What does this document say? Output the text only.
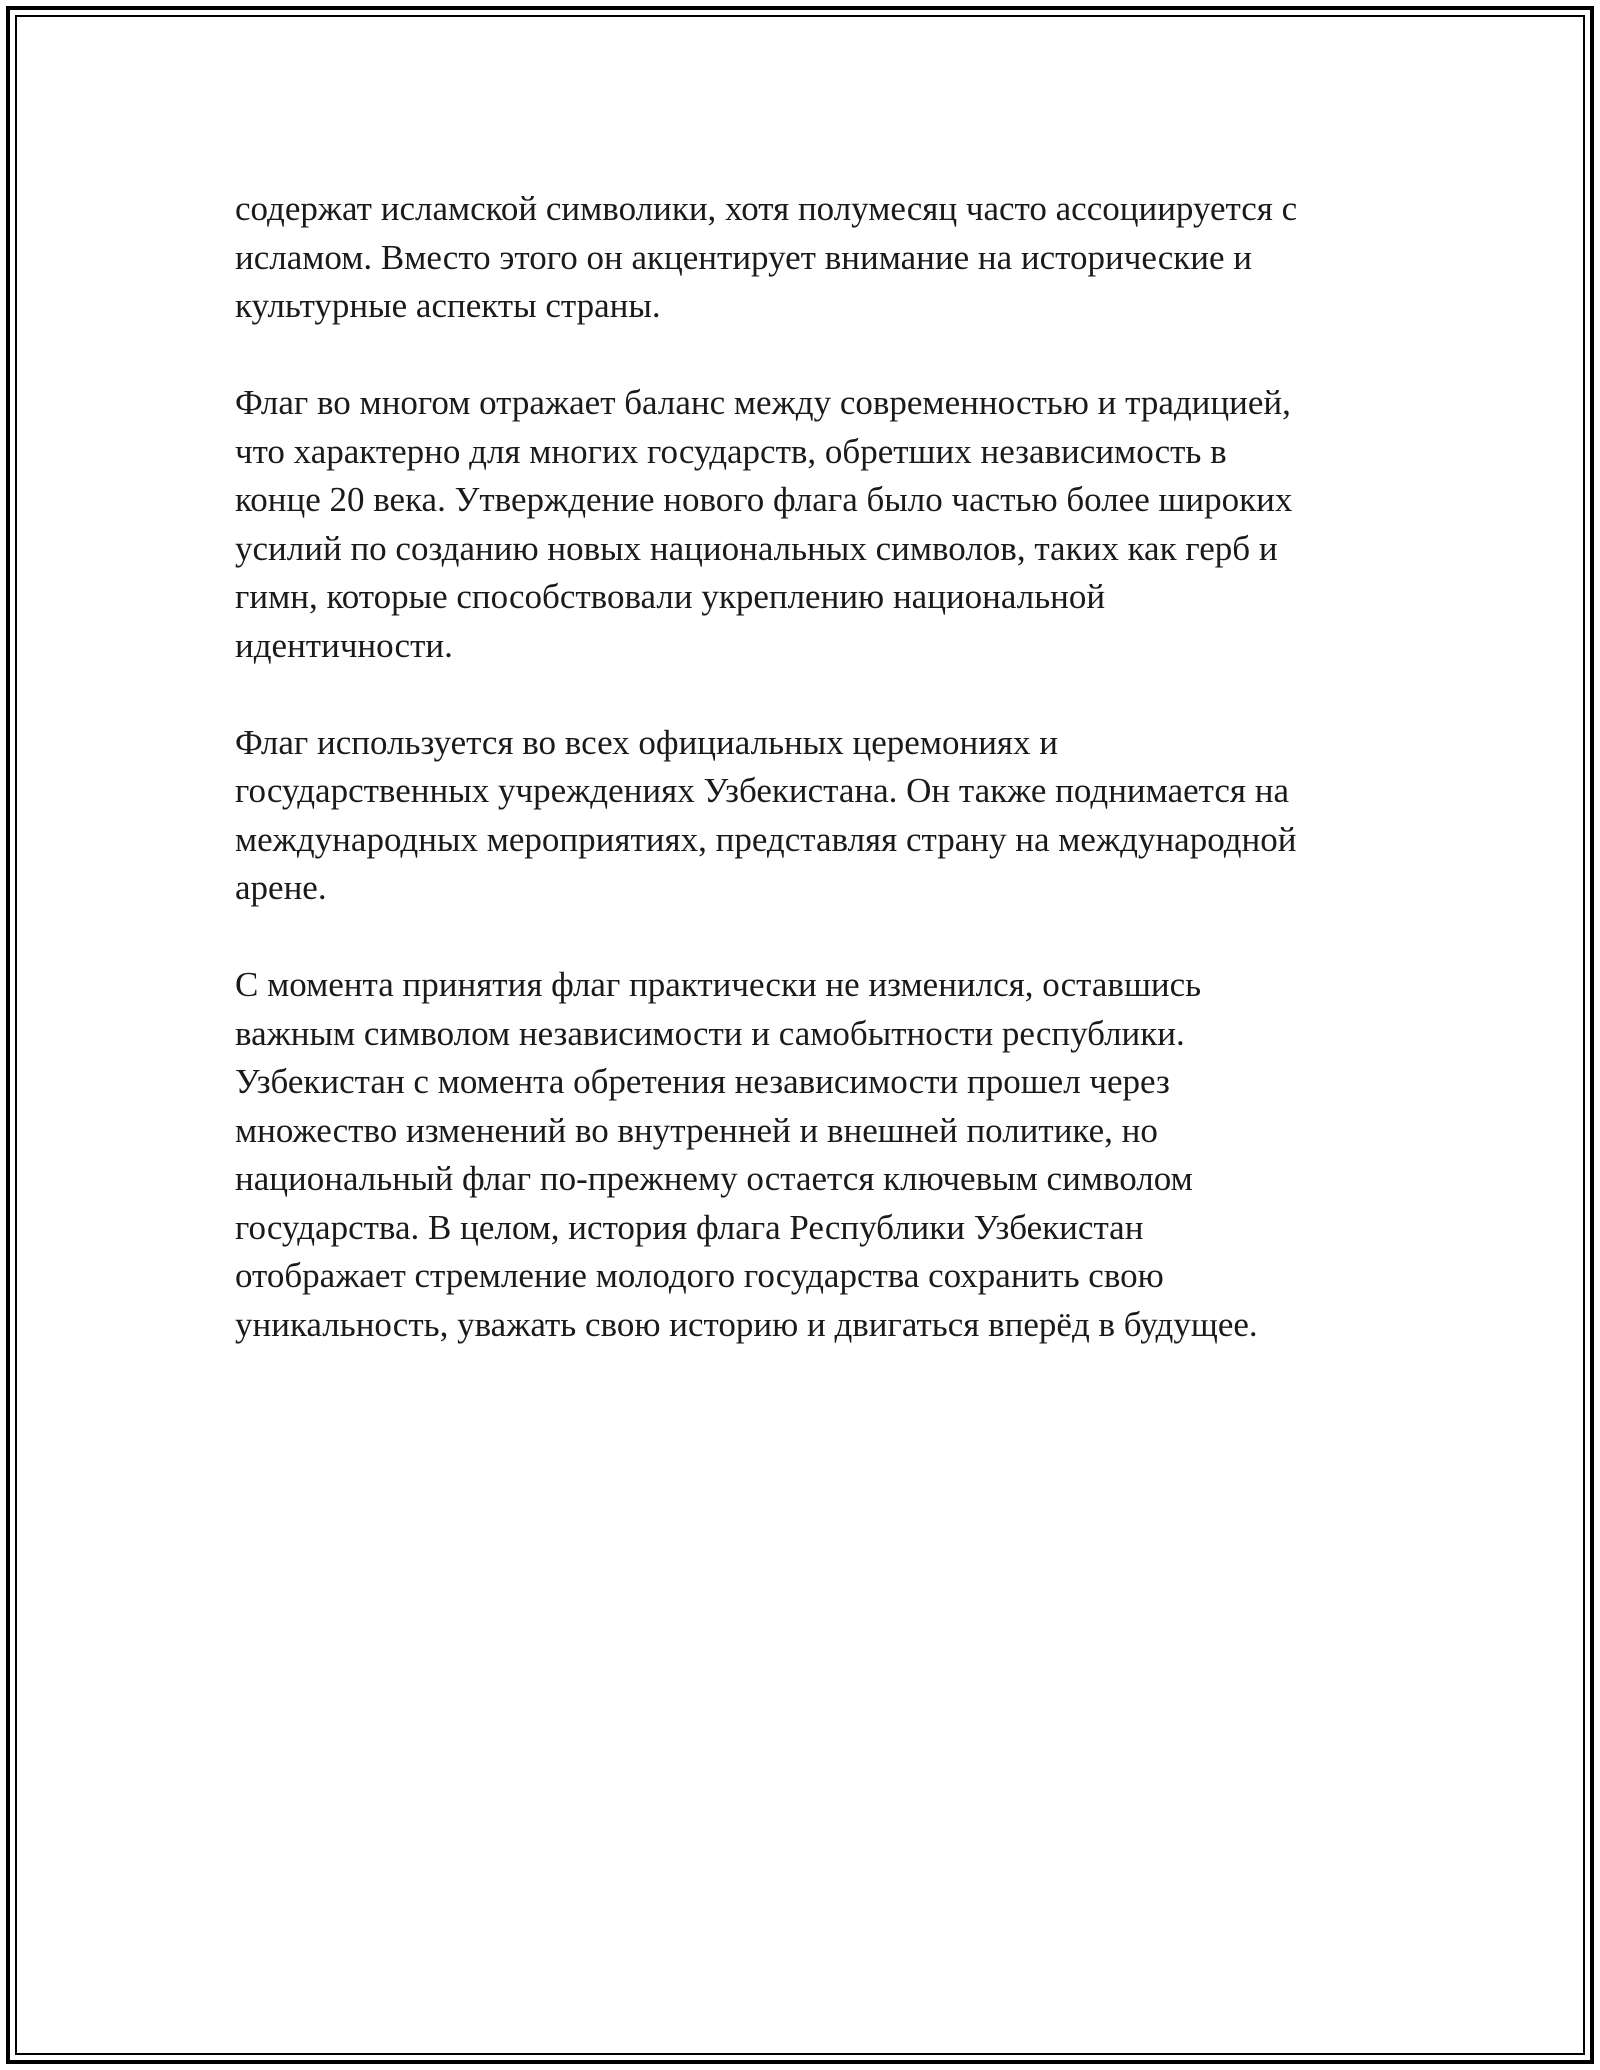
содержат исламской символики, хотя полумесяц часто ассоциируется с
исламом. Вместо этого он акцентирует внимание на исторические и
культурные аспекты страны.

Флаг во многом отражает баланс между современностью и традицией,
что характерно для многих государств, обретших независимость в
конце 20 века. Утверждение нового флага было частью более широких
усилий по созданию новых национальных символов, таких как герб и
гимн, которые способствовали укреплению национальной
идентичности.

Флаг используется во всех официальных церемониях и
государственных учреждениях Узбекистана. Он также поднимается на
международных мероприятиях, представляя страну на международной
арене.

С момента принятия флаг практически не изменился, оставшись
важным символом независимости и самобытности республики.
Узбекистан с момента обретения независимости прошел через
множество изменений во внутренней и внешней политике, но
национальный флаг по-прежнему остается ключевым символом
государства. В целом, история флага Республики Узбекистан
отображает стремление молодого государства сохранить свою
уникальность, уважать свою историю и двигаться вперёд в будущее.
